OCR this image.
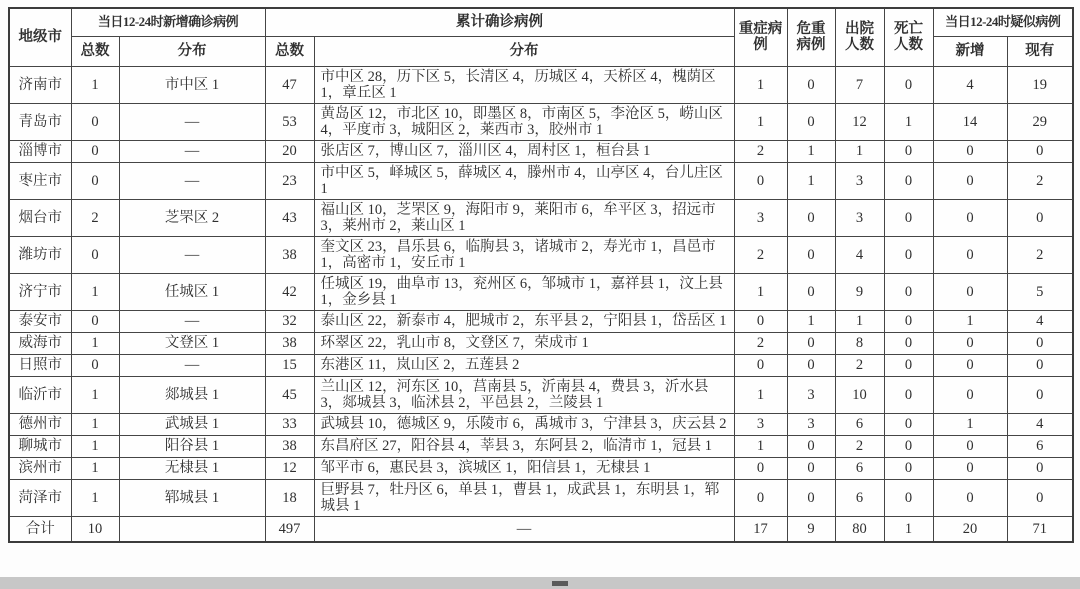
地级市	当日12-24时新增确诊病例		累计确诊病例		重症病例	危重病例	出院人数	死亡人数	当日12-24时疑似病例	
	总数	分布	总数	分布					新增	现有
济南市	1	市中区 1	47	市中区 28，历下区 5，长清区 4，历城区 4，天桥区 4，槐荫区 1，章丘区 1	1	0	7	0	4	19
青岛市	0	—	53	黄岛区 12，市北区 10，即墨区 8，市南区 5，李沧区 5，崂山区 4，平度市 3，城阳区 2，莱西市 3，胶州市 1	1	0	12	1	14	29
淄博市	0	—	20	张店区 7，博山区 7，淄川区 4，周村区 1，桓台县 1	2	1	1	0	0	0
枣庄市	0	—	23	市中区 5，峄城区 5，薛城区 4，滕州市 4，山亭区 4，台儿庄区 1	0	1	3	0	0	2
烟台市	2	芝罘区 2	43	福山区 10，芝罘区 9，海阳市 9，莱阳市 6，牟平区 3，招远市 3，莱州市 2，莱山区 1	3	0	3	0	0	0
潍坊市	0	—	38	奎文区 23，昌乐县 6，临朐县 3，诸城市 2，寿光市 1，昌邑市 1，高密市 1，安丘市 1	2	0	4	0	0	2
济宁市	1	任城区 1	42	任城区 19，曲阜市 13，兖州区 6，邹城市 1，嘉祥县 1，汶上县 1，金乡县 1	1	0	9	0	0	5
泰安市	0	—	32	泰山区 22，新泰市 4，肥城市 2，东平县 2，宁阳县 1，岱岳区 1	0	1	1	0	1	4
威海市	1	文登区 1	38	环翠区 22，乳山市 8，文登区 7，荣成市 1	2	0	8	0	0	0
日照市	0	—	15	东港区 11，岚山区 2，五莲县 2	0	0	2	0	0	0
临沂市	1	郯城县 1	45	兰山区 12，河东区 10，莒南县 5，沂南县 4，费县 3，沂水县 3，郯城县 3，临沭县 2，平邑县 2，兰陵县 1	1	3	10	0	0	0
德州市	1	武城县 1	33	武城县 10，德城区 9，乐陵市 6，禹城市 3，宁津县 3，庆云县 2	3	3	6	0	1	4
聊城市	1	阳谷县 1	38	东昌府区 27，阳谷县 4，莘县 3，东阿县 2，临清市 1，冠县 1	1	0	2	0	0	6
滨州市	1	无棣县 1	12	邹平市 6，惠民县 3，滨城区 1，阳信县 1，无棣县 1	0	0	6	0	0	0
菏泽市	1	郓城县 1	18	巨野县 7，牡丹区 6，单县 1，曹县 1，成武县 1，东明县 1，郓城县 1	0	0	6	0	0	0
合计	10		497	—	17	9	80	1	20	71
